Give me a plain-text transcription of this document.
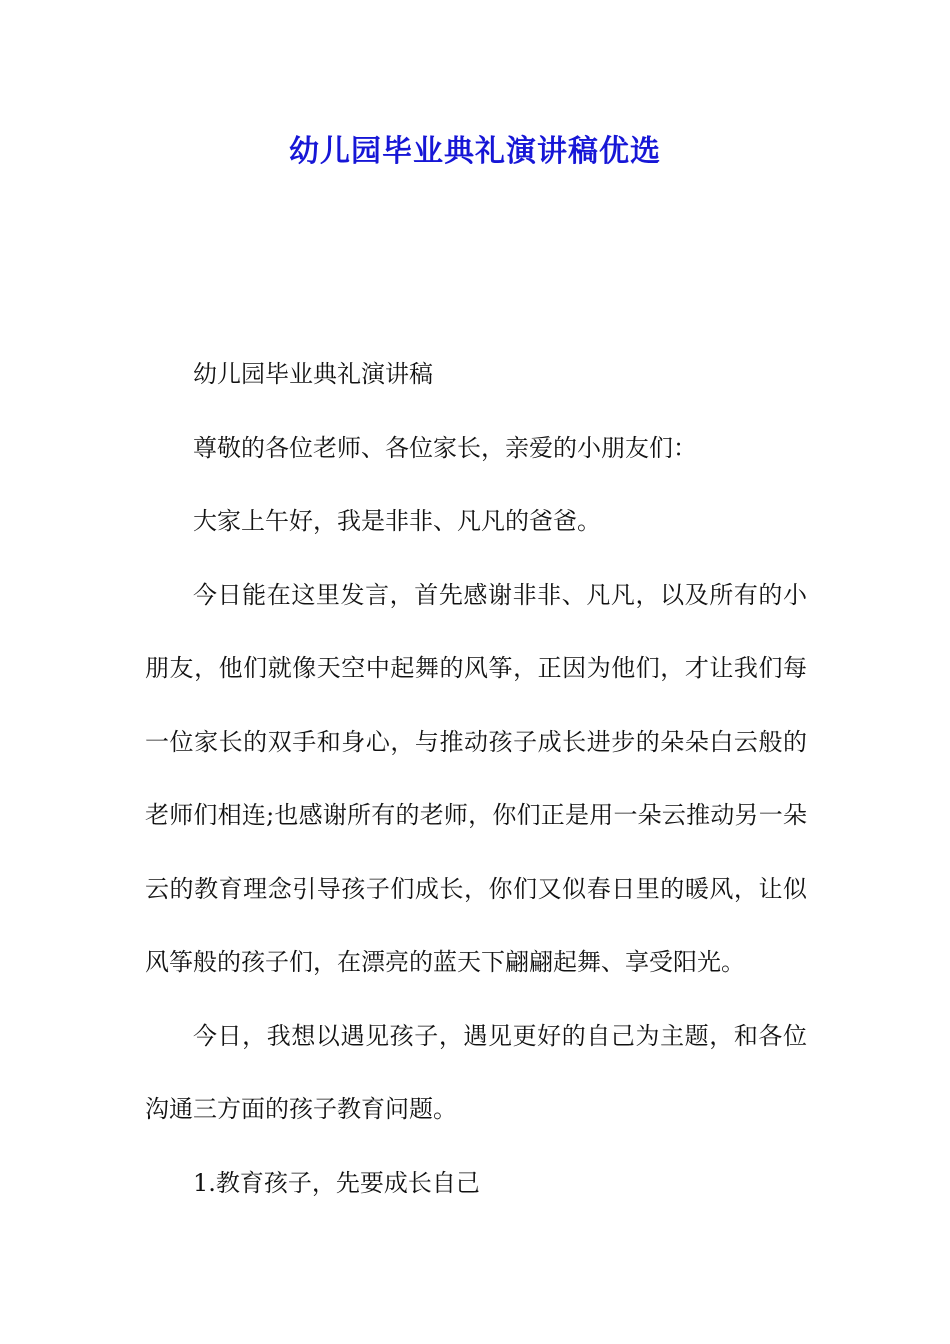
幼儿园毕业典礼演讲稿优选

幼儿园毕业典礼演讲稿

尊敬的各位老师、各位家长，亲爱的小朋友们：

大家上午好，我是非非、凡凡的爸爸。

今日能在这里发言，首先感谢非非、凡凡，以及所有的小朋友，他们就像天空中起舞的风筝，正因为他们，才让我们每一位家长的双手和身心，与推动孩子成长进步的朵朵白云般的老师们相连;也感谢所有的老师，你们正是用一朵云推动另一朵云的教育理念引导孩子们成长，你们又似春日里的暖风，让似风筝般的孩子们，在漂亮的蓝天下翩翩起舞、享受阳光。

今日，我想以遇见孩子，遇见更好的自己为主题，和各位沟通三方面的孩子教育问题。

1.教育孩子，先要成长自己
